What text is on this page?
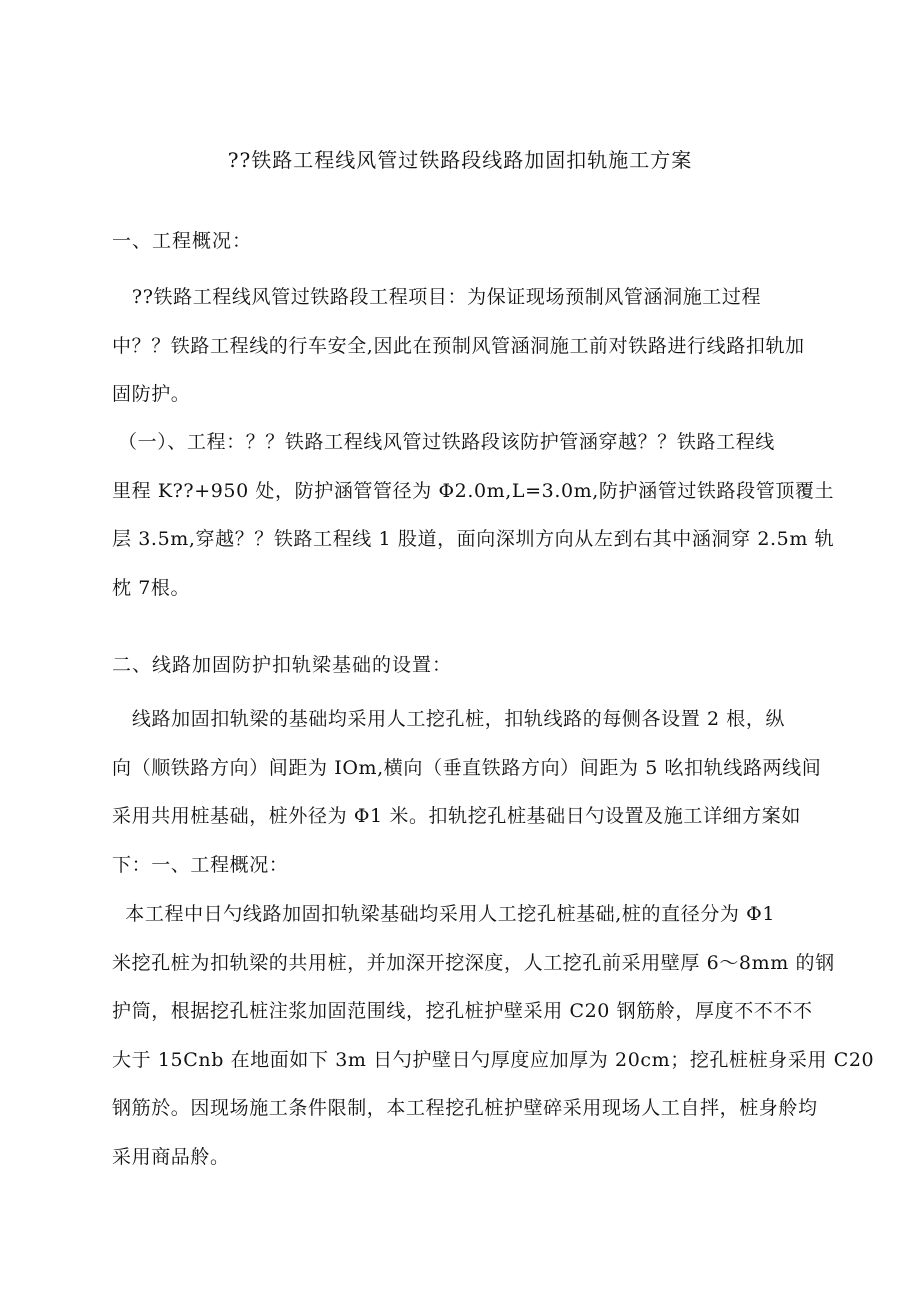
??铁路工程线风管过铁路段线路加固扣轨施工方案
一、工程概况：
??铁路工程线风管过铁路段工程项目：为保证现场预制风管涵洞施工过程
中？？铁路工程线的行车安全,因此在预制风管涵洞施工前对铁路进行线路扣轨加
固防护。
（一）、工程：？？铁路工程线风管过铁路段该防护管涵穿越？？铁路工程线
里程 K??+950 处，防护涵管管径为 Φ2.0m,L=3.0m,防护涵管过铁路段管顶覆土
层 3.5m,穿越？？铁路工程线 1 股道，面向深圳方向从左到右其中涵洞穿 2.5m 轨
枕 7根。
二、线路加固防护扣轨梁基础的设置：
线路加固扣轨梁的基础均采用人工挖孔桩，扣轨线路的每侧各设置 2 根，纵
向（顺铁路方向）间距为 IOm,横向（垂直铁路方向）间距为 5 吆扣轨线路两线间
采用共用桩基础，桩外径为 Φ1 米。扣轨挖孔桩基础日勺设置及施工详细方案如
下：一、工程概况：
本工程中日勺线路加固扣轨梁基础均采用人工挖孔桩基础,桩的直径分为 Φ1
米挖孔桩为扣轨梁的共用桩，并加深开挖深度，人工挖孔前采用壁厚 6～8mm 的钢
护筒，根据挖孔桩注浆加固范围线，挖孔桩护壁采用 C20 钢筋舲，厚度不不不不
大于 15Cnb 在地面如下 3m 日勺护壁日勺厚度应加厚为 20cm；挖孔桩桩身采用 C20
钢筋於。因现场施工条件限制，本工程挖孔桩护壁碎采用现场人工自拌，桩身舲均
采用商品舲。
